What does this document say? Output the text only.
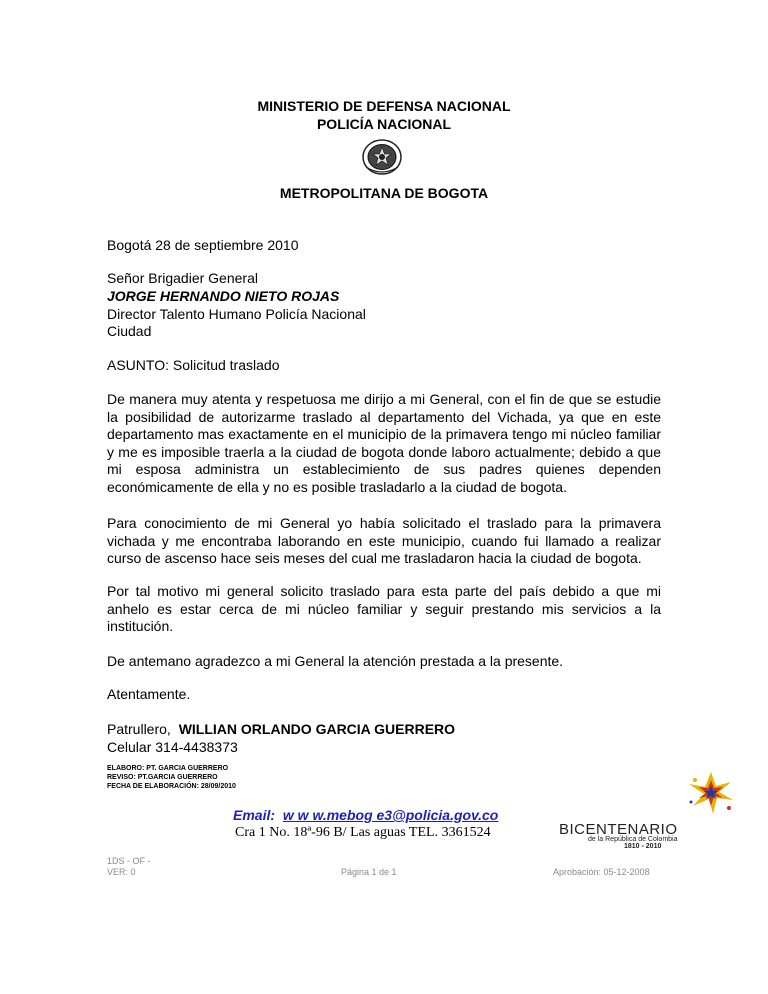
MINISTERIO DE DEFENSA NACIONAL
POLICÍA NACIONAL
METROPOLITANA DE BOGOTA
Bogotá 28 de septiembre 2010
Señor Brigadier General
JORGE HERNANDO NIETO ROJAS
Director Talento Humano Policía Nacional
Ciudad
ASUNTO: Solicitud traslado
De manera muy atenta y respetuosa me dirijo a mi General, con el fin de que se estudie la posibilidad de autorizarme traslado al departamento del Vichada, ya que en este departamento mas exactamente en el municipio de la primavera tengo mi núcleo familiar y me es imposible traerla a la ciudad de bogota donde laboro actualmente; debido a que mi esposa administra un establecimiento de sus padres quienes dependen económicamente de ella y no es posible trasladarlo a la ciudad de bogota.
Para conocimiento de mi General yo había solicitado el traslado para la primavera vichada y me encontraba laborando en este municipio, cuando fui llamado a realizar curso de ascenso hace seis meses del cual me trasladaron hacia la ciudad de bogota.
Por tal motivo mi general solicito traslado para esta parte del país debido a que mi anhelo es estar cerca de mi núcleo familiar y seguir prestando mis servicios a la institución.
De antemano agradezco a mi General la atención prestada a la presente.
Atentamente.
Patrullero, WILLIAN ORLANDO GARCIA GUERRERO
Celular 314-4438373
ELABORO: PT. GARCIA GUERRERO
REVISO: PT.GARCIA GUERRERO
FECHA DE ELABORACIÓN: 28/09/2010
Email: w w w.mebog e3@policia.gov.co
Cra 1 No. 18ª-96 B/ Las aguas TEL. 3361524	BICENTENARIO
de la República de Colombia
1810 - 2010
1DS - OF -
VER: 0	Página 1 de 1	Aprobación: 05-12-2008
